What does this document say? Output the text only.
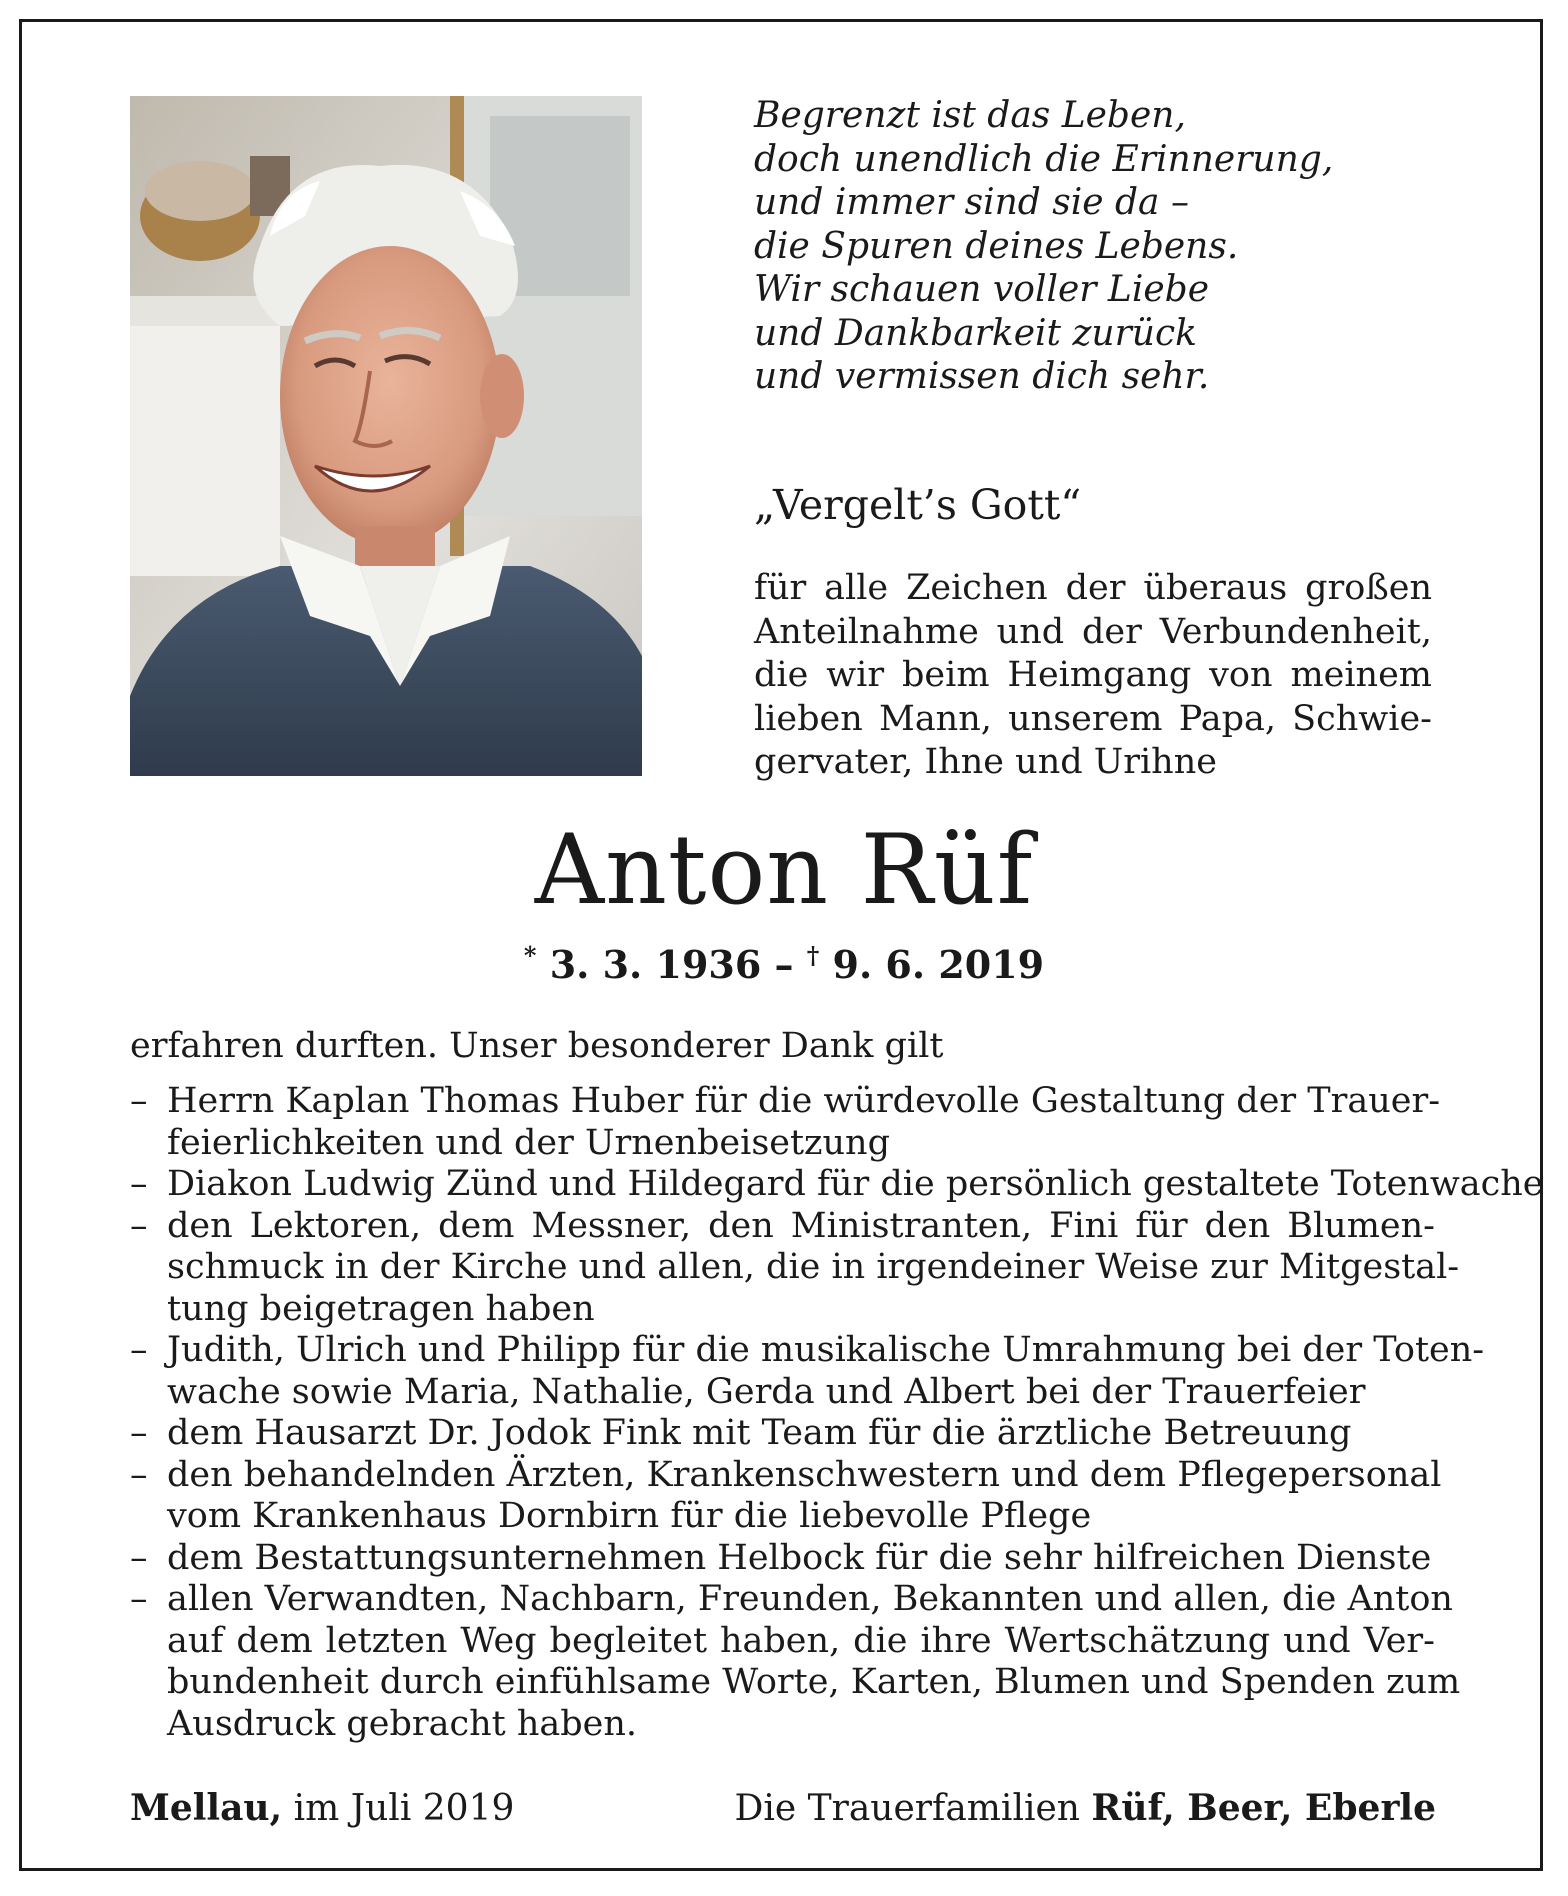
Begrenzt ist das Leben,
doch unendlich die Erinnerung,
und immer sind sie da –
die Spuren deines Lebens.
Wir schauen voller Liebe
und Dankbarkeit zurück
und vermissen dich sehr.
„Vergelt’s Gott“
für alle Zeichen der überaus großen
Anteilnahme und der Verbundenheit,
die wir beim Heimgang von meinem
lieben Mann, unserem Papa, Schwie-
gervater, Ihne und Urihne
Anton Rüf
* 3. 3. 1936 – † 9. 6. 2019
erfahren durften. Unser besonderer Dank gilt
– Herrn Kaplan Thomas Huber für die würdevolle Gestaltung der Trauer-
feierlichkeiten und der Urnenbeisetzung
– Diakon Ludwig Zünd und Hildegard für die persönlich gestaltete Totenwache
– den Lektoren, dem Messner, den Ministranten, Fini für den Blumen-
schmuck in der Kirche und allen, die in irgendeiner Weise zur Mitgestal-
tung beigetragen haben
– Judith, Ulrich und Philipp für die musikalische Umrahmung bei der Toten-
wache sowie Maria, Nathalie, Gerda und Albert bei der Trauerfeier
– dem Hausarzt Dr. Jodok Fink mit Team für die ärztliche Betreuung
– den behandelnden Ärzten, Krankenschwestern und dem Pflegepersonal
vom Krankenhaus Dornbirn für die liebevolle Pflege
– dem Bestattungsunternehmen Helbock für die sehr hilfreichen Dienste
– allen Verwandten, Nachbarn, Freunden, Bekannten und allen, die Anton
auf dem letzten Weg begleitet haben, die ihre Wertschätzung und Ver-
bundenheit durch einfühlsame Worte, Karten, Blumen und Spenden zum
Ausdruck gebracht haben.
Mellau, im Juli 2019	Die Trauerfamilien Rüf, Beer, Eberle
